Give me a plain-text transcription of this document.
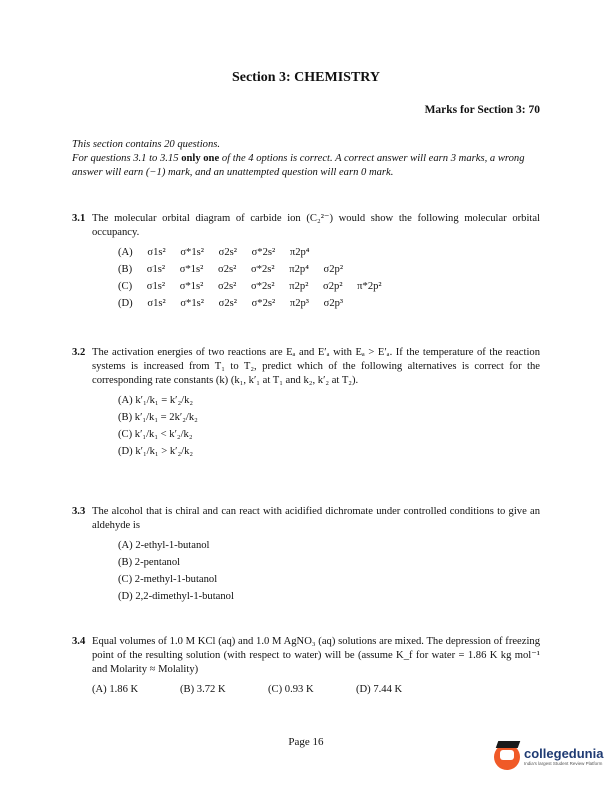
Section 3: CHEMISTRY
Marks for Section 3: 70
This section contains 20 questions.
For questions 3.1 to 3.15 only one of the 4 options is correct. A correct answer will earn 3 marks, a wrong answer will earn (−1) mark, and an unattempted question will earn 0 mark.
3.1 The molecular orbital diagram of carbide ion (C₂²⁻) would show the following molecular orbital occupancy.
(A) σ1s² σ*1s² σ2s² σ*2s² π2p⁴
(B) σ1s² σ*1s² σ2s² σ*2s² π2p⁴ σ2p²
(C) σ1s² σ*1s² σ2s² σ*2s² π2p² σ2p² π*2p²
(D) σ1s² σ*1s² σ2s² σ*2s² π2p³ σ2p³
3.2 The activation energies of two reactions are Eₐ and E′ₐ with Eₐ > E′ₐ. If the temperature of the reaction systems is increased from T₁ to T₂, predict which of the following alternatives is correct for the corresponding rate constants (k) (k₁, k′₁ at T₁ and k₂, k′₂ at T₂).
(A) k′₁/k₁ = k′₂/k₂
(B) k′₁/k₁ = 2k′₂/k₂
(C) k′₁/k₁ < k′₂/k₂
(D) k′₁/k₁ > k′₂/k₂
3.3 The alcohol that is chiral and can react with acidified dichromate under controlled conditions to give an aldehyde is
(A) 2-ethyl-1-butanol
(B) 2-pentanol
(C) 2-methyl-1-butanol
(D) 2,2-dimethyl-1-butanol
3.4 Equal volumes of 1.0 M KCl (aq) and 1.0 M AgNO₃ (aq) solutions are mixed. The depression of freezing point of the resulting solution (with respect to water) will be (assume K_f for water = 1.86 K kg mol⁻¹ and Molarity ≈ Molality)
(A) 1.86 K	(B) 3.72 K	(C) 0.93 K	(D) 7.44 K
Page 16
collegedunia
India's largest Student Review Platform
